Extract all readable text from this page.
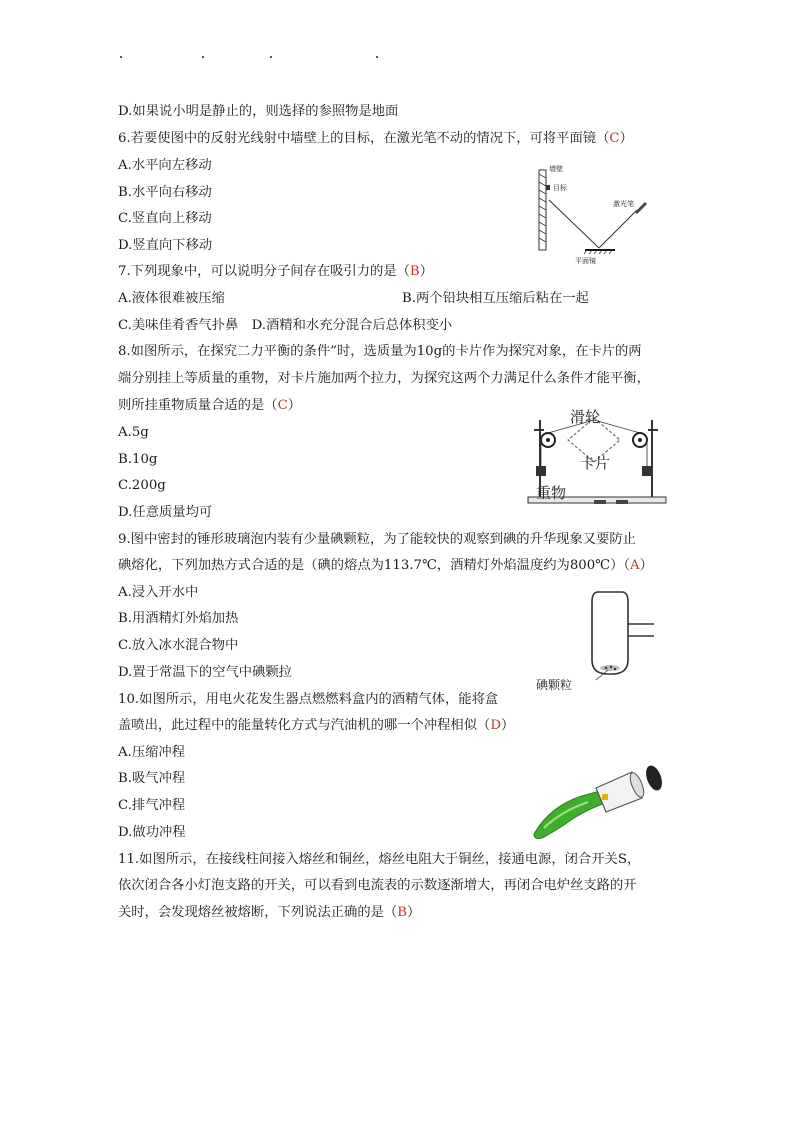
D.如果说小明是静止的，则选择的参照物是地面
6.若要使图中的反射光线射中墙壁上的目标，在激光笔不动的情况下，可将平面镜（C）
A.水平向左移动
B.水平向右移动
C.竖直向上移动
D.竖直向下移动
墙壁
目标
激光笔
平面镜
7.下列现象中，可以说明分子间存在吸引力的是（B）
A.液体很难被压缩	B.两个铅块相互压缩后粘在一起
C.美味佳肴香气扑鼻　D.酒精和水充分混合后总体积变小
8.如图所示，在探究二力平衡的条件”时，选质量为10g的卡片作为探究对象，在卡片的两
端分别挂上等质量的重物，对卡片施加两个拉力，为探究这两个力满足什么条件才能平衡，
则所挂重物质量合适的是（C）
A.5g
B.10g
C.200g
D.任意质量均可
滑轮
卡片
重物
9.图中密封的锤形玻璃泡内装有少量碘颗粒，为了能较快的观察到碘的升华现象又要防止
碘熔化，下列加热方式合适的是（碘的熔点为113.7℃，酒精灯外焰温度约为800℃）（A）
A.浸入开水中
B.用酒精灯外焰加热
C.放入冰水混合物中
D.置于常温下的空气中碘颗拉
碘颗粒
10.如图所示，用电火花发生器点燃燃料盒内的酒精气体，能将盒
盖喷出，此过程中的能量转化方式与汽油机的哪一个冲程相似（D）
A.压缩冲程
B.吸气冲程
C.排气冲程
D.做功冲程
11.如图所示，在接线柱间接入熔丝和铜丝，熔丝电阻大于铜丝，接通电源，闭合开关S，
依次闭合各小灯泡支路的开关，可以看到电流表的示数逐渐增大，再闭合电炉丝支路的开
关时，会发现熔丝被熔断，下列说法正确的是（B）
